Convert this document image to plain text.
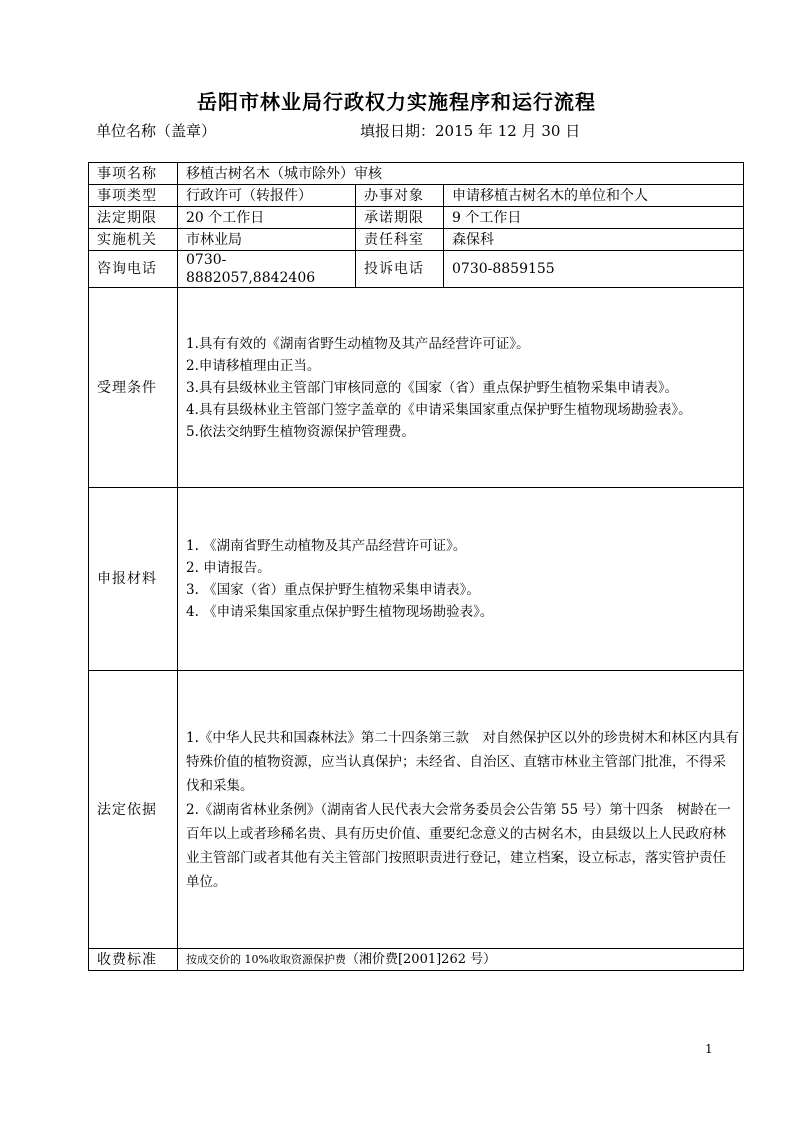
岳阳市林业局行政权力实施程序和运行流程
单位名称（盖章）	填报日期：2015 年 12 月 30 日
事项名称	移植古树名木（城市除外）审核		
事项类型	行政许可（转报件）	办事对象	申请移植古树名木的单位和个人
法定期限	20 个工作日	承诺期限	9 个工作日
实施机关	市林业局	责任科室	森保科
咨询电话	0730-8882057,8842406	投诉电话	0730-8859155
受理条件	1.具有有效的《湖南省野生动植物及其产品经营许可证》。

2.申请移植理由正当。

3.具有县级林业主管部门审核同意的《国家（省）重点保护野生植物采集申请表》。

4.具有县级林业主管部门签字盖章的《申请采集国家重点保护野生植物现场勘验表》。

5.依法交纳野生植物资源保护管理费。		

申报材料	1. 《湖南省野生动植物及其产品经营许可证》。

2. 申请报告。

3. 《国家（省）重点保护野生植物采集申请表》。

4. 《申请采集国家重点保护野生植物现场勘验表》。		

法定依据	1.《中华人民共和国森林法》第二十四条第三款　对自然保护区以外的珍贵树木和林区内具有特殊价值的植物资源，应当认真保护；未经省、自治区、直辖市林业主管部门批准，不得采伐和采集。

2.《湖南省林业条例》（湖南省人民代表大会常务委员会公告第 55 号）第十四条　树龄在一百年以上或者珍稀名贵、具有历史价值、重要纪念意义的古树名木，由县级以上人民政府林业主管部门或者其他有关主管部门按照职责进行登记，建立档案，设立标志，落实管护责任单位。		

收费标准	按成交价的 10%收取资源保护费（湘价费[2001]262 号）		
1
